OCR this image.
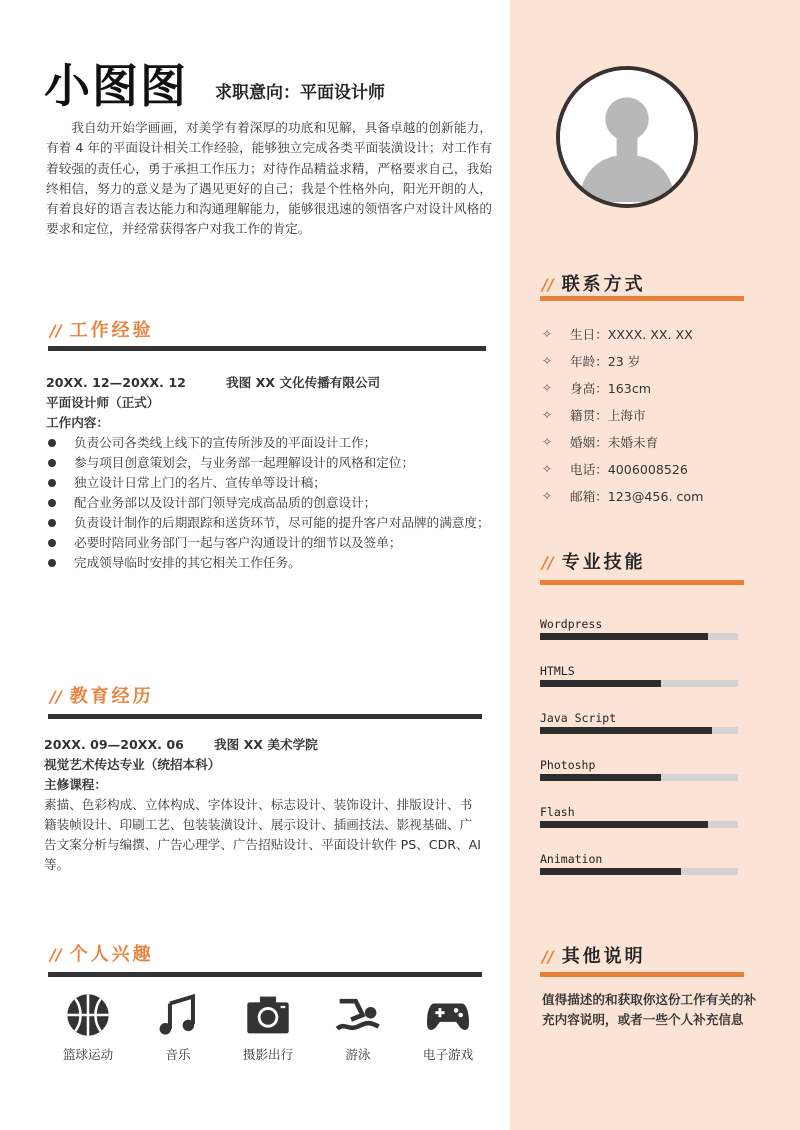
小图图 求职意向：平面设计师
我自幼开始学画画，对美学有着深厚的功底和见解，具备卓越的创新能力，有着 4 年的平面设计相关工作经验，能够独立完成各类平面装潢设计；对工作有着较强的责任心，勇于承担工作压力；对待作品精益求精，严格要求自己，我始终相信，努力的意义是为了遇见更好的自己；我是个性格外向，阳光开朗的人，有着良好的语言表达能力和沟通理解能力，能够很迅速的领悟客户对设计风格的要求和定位，并经常获得客户对我工作的肯定。
// 工作经验
20XX. 12—20XX. 12	我图 XX 文化传播有限公司
平面设计师（正式）
工作内容：
负责公司各类线上线下的宣传所涉及的平面设计工作；
参与项目创意策划会，与业务部一起理解设计的风格和定位；
独立设计日常上门的名片、宣传单等设计稿；
配合业务部以及设计部门领导完成高品质的创意设计；
负责设计制作的后期跟踪和送货环节，尽可能的提升客户对品牌的满意度；
必要时陪同业务部门一起与客户沟通设计的细节以及签单；
完成领导临时安排的其它相关工作任务。
// 教育经历
20XX. 09—20XX. 06 我图 XX 美术学院
视觉艺术传达专业（统招本科）
主修课程：
素描、色彩构成、立体构成、字体设计、标志设计、装饰设计、排版设计、书籍装帧设计、印刷工艺、包装装潢设计、展示设计、插画技法、影视基础、广告文案分析与编撰、广告心理学、广告招贴设计、平面设计软件 PS、CDR、AI 等。
// 个人兴趣
篮球运动	音乐	摄影出行	游泳	电子游戏
// 联系方式
✧	生日：XXXX. XX. XX
✧	年龄：23 岁
✧	身高：163cm
✧	籍贯：上海市
✧	婚姻：未婚未育
✧	电话：4006008526
✧	邮箱：123@456. com
// 专业技能
Wordpress
HTMLS
Java Script
Photoshp
Flash
Animation
// 其他说明
值得描述的和获取你这份工作有关的补充内容说明，或者一些个人补充信息
